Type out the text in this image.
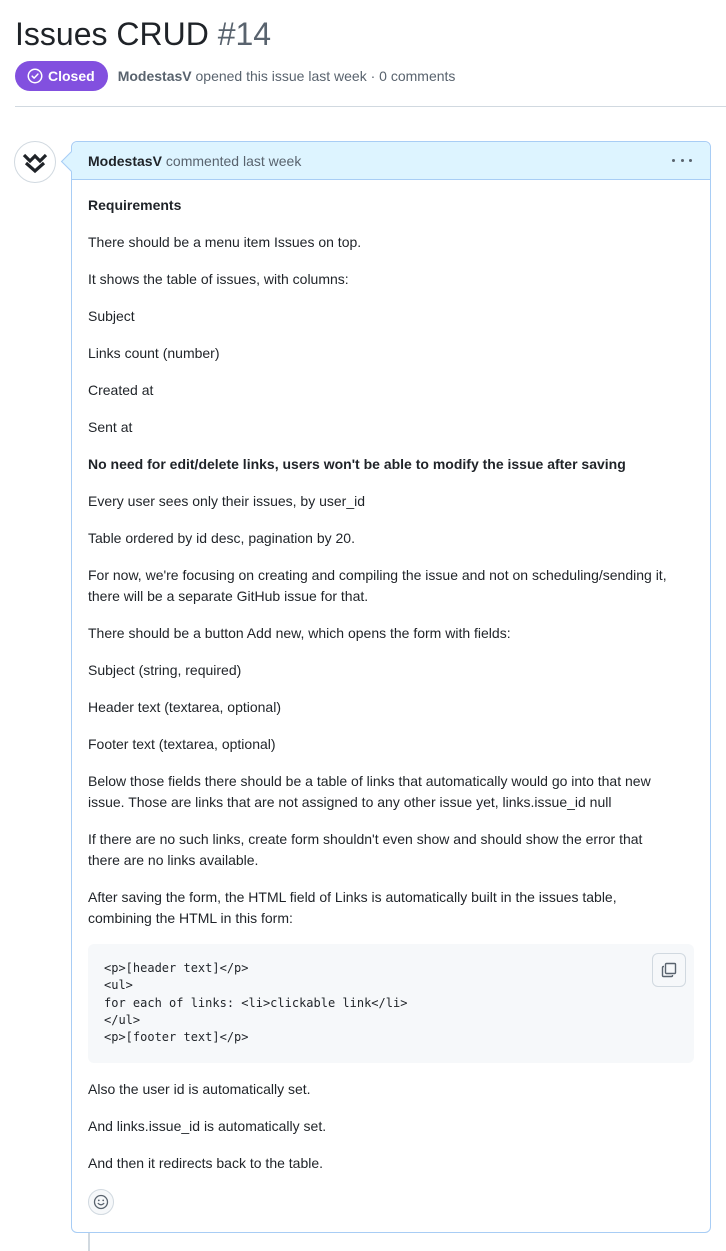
Issues CRUD #14
Closed ModestasV opened this issue last week · 0 comments
ModestasV commented last week
Requirements
There should be a menu item Issues on top.
It shows the table of issues, with columns:
Subject
Links count (number)
Created at
Sent at
No need for edit/delete links, users won't be able to modify the issue after saving
Every user sees only their issues, by user_id
Table ordered by id desc, pagination by 20.
For now, we're focusing on creating and compiling the issue and not on scheduling/sending it,
there will be a separate GitHub issue for that.
There should be a button Add new, which opens the form with fields:
Subject (string, required)
Header text (textarea, optional)
Footer text (textarea, optional)
Below those fields there should be a table of links that automatically would go into that new
issue. Those are links that are not assigned to any other issue yet, links.issue_id null
If there are no such links, create form shouldn't even show and should show the error that
there are no links available.
After saving the form, the HTML field of Links is automatically built in the issues table,
combining the HTML in this form:
<p>[header text]</p>
<ul>
for each of links: <li>clickable link</li>
</ul>
<p>[footer text]</p>
Also the user id is automatically set.
And links.issue_id is automatically set.
And then it redirects back to the table.
